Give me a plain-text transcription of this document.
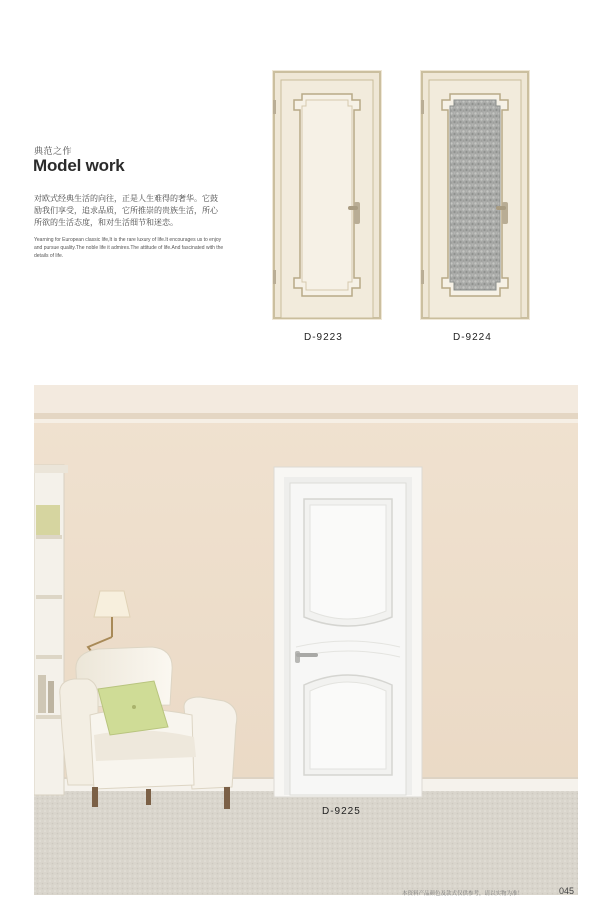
典范之作
Model work
对欧式经典生活的向往，正是人生难得的奢华。它鼓励我们享受，追求品质，它所推崇的贵族生活，所心所欲的生活态度，和对生活细节和迷恋。
Yearning for European classic life,It is the rare luxury of life.It encourages us to enjoy and pursue quality.The noble life it admires.The attitude of life.And fascinated with the details of life.
D-9223	D-9224
D-9225
本资料产品颜色及款式仅供参考，请以实物为准！	045
